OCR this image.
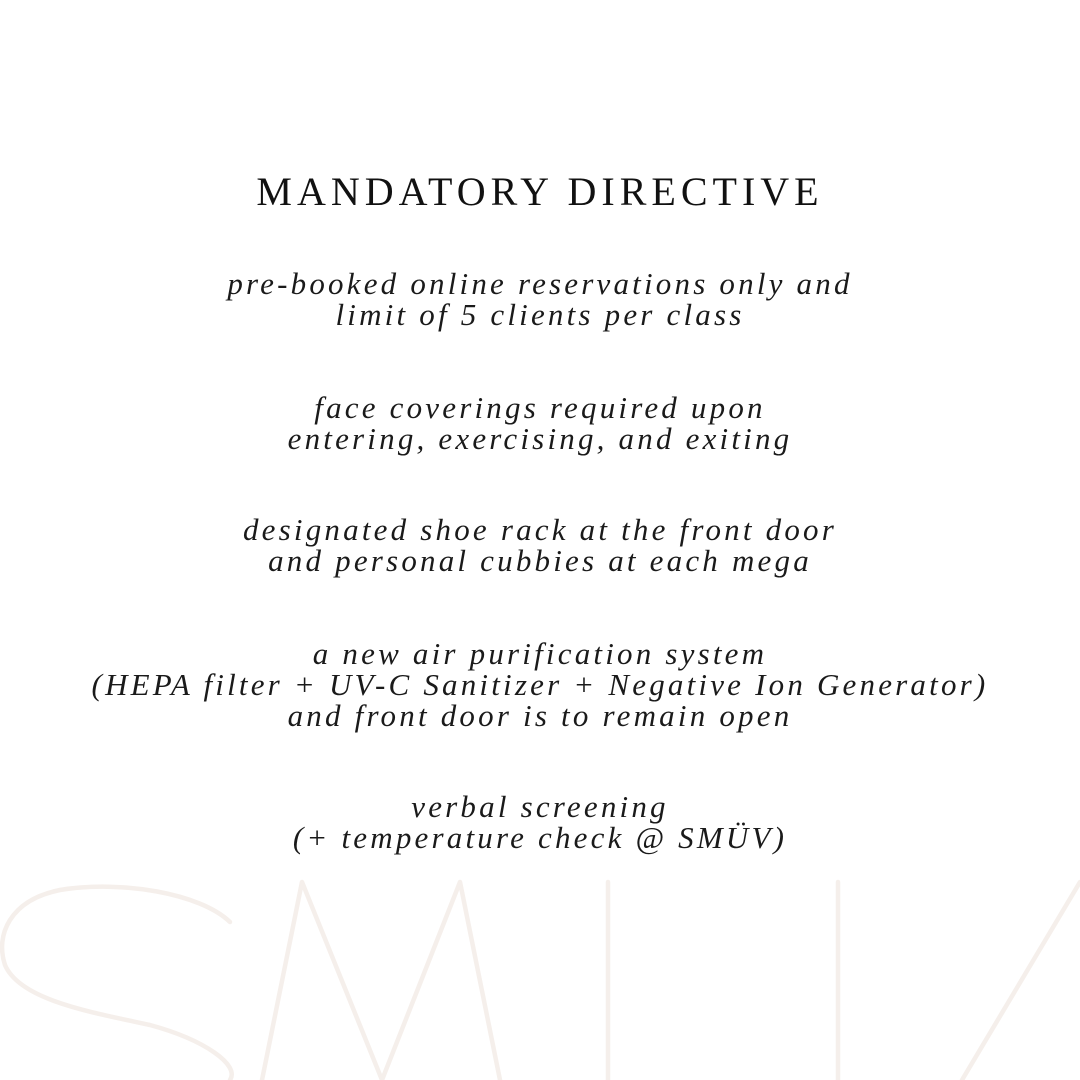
MANDATORY DIRECTIVE
pre-booked online reservations only and
limit of 5 clients per class
face coverings required upon
entering, exercising, and exiting
designated shoe rack at the front door
and personal cubbies at each mega
a new air purification system
(HEPA filter + UV-C Sanitizer + Negative Ion Generator)
and front door is to remain open
verbal screening
(+ temperature check @ SMÜV)
